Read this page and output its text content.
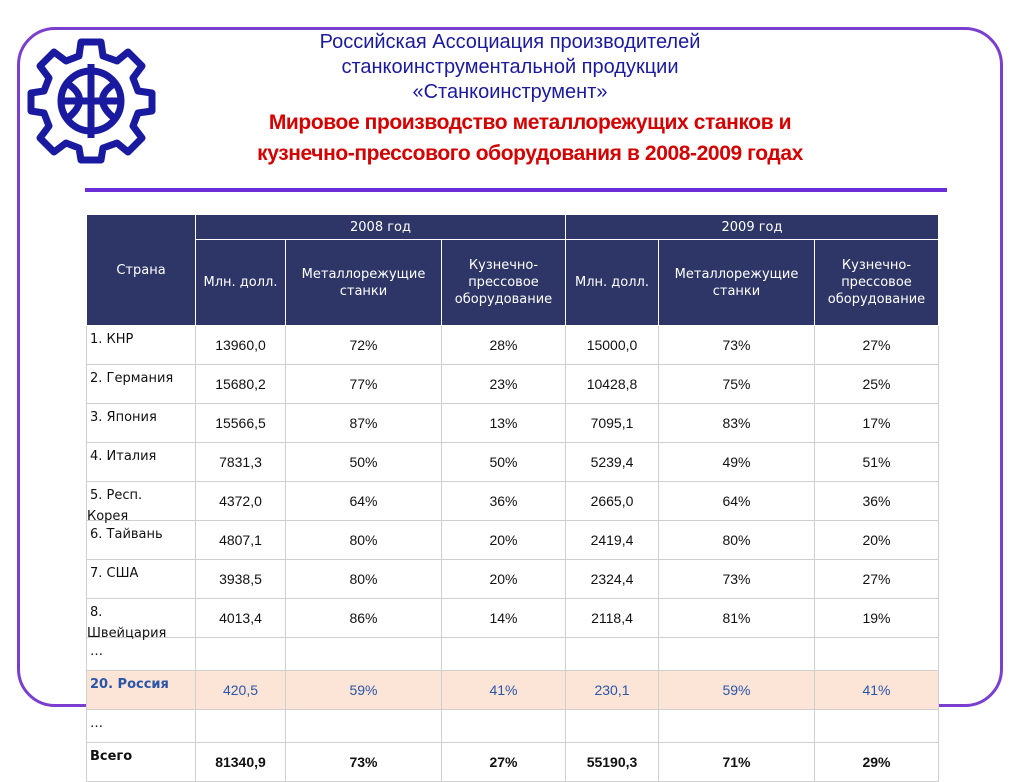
Российская Ассоциация производителей
станкоинструментальной продукции
«Станкоинструмент»
Мировое производство металлорежущих станков и
кузнечно-прессового оборудования в 2008-2009 годах
Страна	2008 год			2009 год		
	Млн. долл.	Металлорежущие станки	Кузнечно-прессовое оборудование	Млн. долл.	Металлорежущие станки	Кузнечно-прессовое оборудование
1. КНР	13960,0	72%	28%	15000,0	73%	27%
2. Германия	15680,2	77%	23%	10428,8	75%	25%
3. Япония	15566,5	87%	13%	7095,1	83%	17%
4. Италия	7831,3	50%	50%	5239,4	49%	51%
5. Респ.
Корея	4372,0	64%	36%	2665,0	64%	36%
6. Тайвань	4807,1	80%	20%	2419,4	80%	20%
7. США	3938,5	80%	20%	2324,4	73%	27%
8.
Швейцария	4013,4	86%	14%	2118,4	81%	19%
…						
20. Россия	420,5	59%	41%	230,1	59%	41%
…						
Всего	81340,9	73%	27%	55190,3	71%	29%
